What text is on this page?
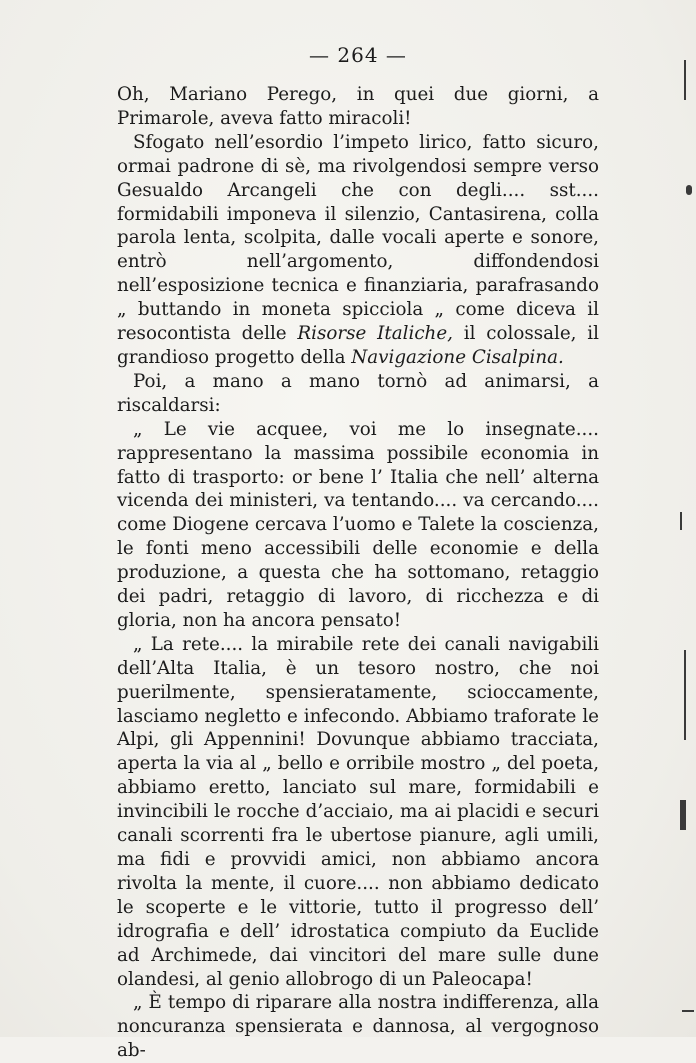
— 264 —

Oh, Mariano Perego, in quei due giorni, a Primarole, aveva fatto miracoli!

Sfogato nell’esordio l’impeto lirico, fatto sicuro, ormai padrone di sè, ma rivolgendosi sempre verso Gesualdo Arcangeli che con degli.... sst.... formidabili imponeva il silenzio, Cantasirena, colla parola lenta, scolpita, dalle vocali aperte e sonore, entrò nell’argomento, diffondendosi nell’esposizione tecnica e finanziaria, parafrasando „ buttando in moneta spicciola „ come diceva il resocontista delle Risorse Italiche, il colossale, il grandioso progetto della Navigazione Cisalpina.

Poi, a mano a mano tornò ad animarsi, a riscaldarsi:

„ Le vie acquee, voi me lo insegnate.... rappresentano la massima possibile economia in fatto di trasporto: or bene l’ Italia che nell’ alterna vicenda dei ministeri, va tentando.... va cercando.... come Diogene cercava l’uomo e Talete la coscienza, le fonti meno accessibili delle economie e della produzione, a questa che ha sottomano, retaggio dei padri, retaggio di lavoro, di ricchezza e di gloria, non ha ancora pensato!

„ La rete.... la mirabile rete dei canali navigabili dell’Alta Italia, è un tesoro nostro, che noi puerilmente, spensieratamente, scioccamente, lasciamo negletto e infecondo. Abbiamo traforate le Alpi, gli Appennini! Dovunque abbiamo tracciata, aperta la via al „ bello e orribile mostro „ del poeta, abbiamo eretto, lanciato sul mare, formidabili e invincibili le rocche d’acciaio, ma ai placidi e securi canali scorrenti fra le ubertose pianure, agli umili, ma fidi e provvidi amici, non abbiamo ancora rivolta la mente, il cuore.... non abbiamo dedicato le scoperte e le vittorie, tutto il progresso dell’ idrografia e dell’ idrostatica compiuto da Euclide ad Archimede, dai vincitori del mare sulle dune olandesi, al genio allobrogo di un Paleocapa!

„ È tempo di riparare alla nostra indifferenza, alla noncuranza spensierata e dannosa, al vergognoso ab-
